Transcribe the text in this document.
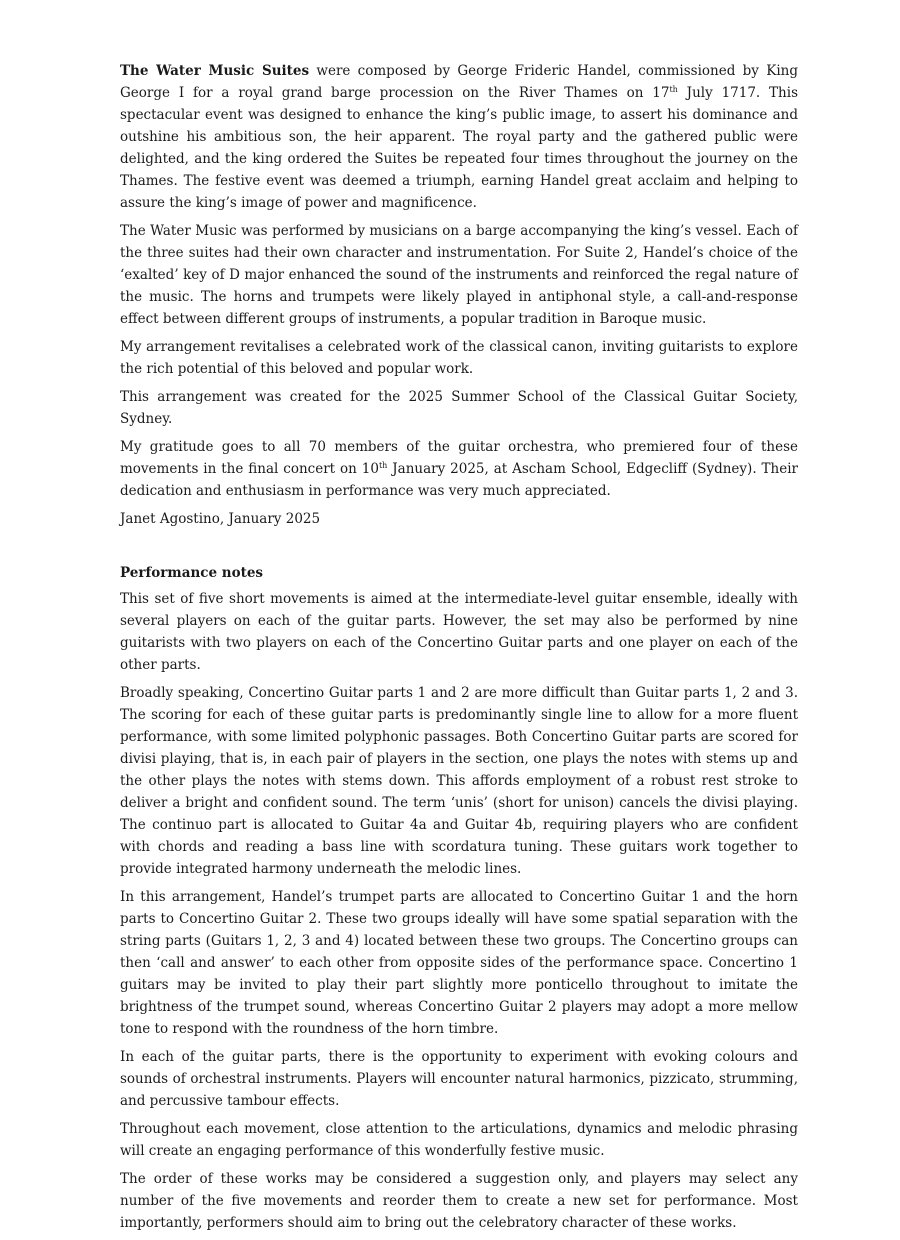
The Water Music Suites were composed by George Frideric Handel, commissioned by King George I for a royal grand barge procession on the River Thames on 17th July 1717. This spectacular event was designed to enhance the king’s public image, to assert his dominance and outshine his ambitious son, the heir apparent. The royal party and the gathered public were delighted, and the king ordered the Suites be repeated four times throughout the journey on the Thames. The festive event was deemed a triumph, earning Handel great acclaim and helping to assure the king’s image of power and magnificence.

The Water Music was performed by musicians on a barge accompanying the king’s vessel. Each of the three suites had their own character and instrumentation. For Suite 2, Handel’s choice of the ‘exalted’ key of D major enhanced the sound of the instruments and reinforced the regal nature of the music. The horns and trumpets were likely played in antiphonal style, a call-and-response effect between different groups of instruments, a popular tradition in Baroque music.

My arrangement revitalises a celebrated work of the classical canon, inviting guitarists to explore the rich potential of this beloved and popular work.

This arrangement was created for the 2025 Summer School of the Classical Guitar Society, Sydney.

My gratitude goes to all 70 members of the guitar orchestra, who premiered four of these movements in the final concert on 10th January 2025, at Ascham School, Edgecliff (Sydney). Their dedication and enthusiasm in performance was very much appreciated.

Janet Agostino, January 2025

Performance notes

This set of five short movements is aimed at the intermediate-level guitar ensemble, ideally with several players on each of the guitar parts. However, the set may also be performed by nine guitarists with two players on each of the Concertino Guitar parts and one player on each of the other parts.

Broadly speaking, Concertino Guitar parts 1 and 2 are more difficult than Guitar parts 1, 2 and 3. The scoring for each of these guitar parts is predominantly single line to allow for a more fluent performance, with some limited polyphonic passages. Both Concertino Guitar parts are scored for divisi playing, that is, in each pair of players in the section, one plays the notes with stems up and the other plays the notes with stems down. This affords employment of a robust rest stroke to deliver a bright and confident sound. The term ‘unis’ (short for unison) cancels the divisi playing. The continuo part is allocated to Guitar 4a and Guitar 4b, requiring players who are confident with chords and reading a bass line with scordatura tuning. These guitars work together to provide integrated harmony underneath the melodic lines.

In this arrangement, Handel’s trumpet parts are allocated to Concertino Guitar 1 and the horn parts to Concertino Guitar 2. These two groups ideally will have some spatial separation with the string parts (Guitars 1, 2, 3 and 4) located between these two groups. The Concertino groups can then ‘call and answer’ to each other from opposite sides of the performance space. Concertino 1 guitars may be invited to play their part slightly more ponticello throughout to imitate the brightness of the trumpet sound, whereas Concertino Guitar 2 players may adopt a more mellow tone to respond with the roundness of the horn timbre.

In each of the guitar parts, there is the opportunity to experiment with evoking colours and sounds of orchestral instruments. Players will encounter natural harmonics, pizzicato, strumming, and percussive tambour effects.

Throughout each movement, close attention to the articulations, dynamics and melodic phrasing will create an engaging performance of this wonderfully festive music.

The order of these works may be considered a suggestion only, and players may select any number of the five movements and reorder them to create a new set for performance. Most importantly, performers should aim to bring out the celebratory character of these works.
